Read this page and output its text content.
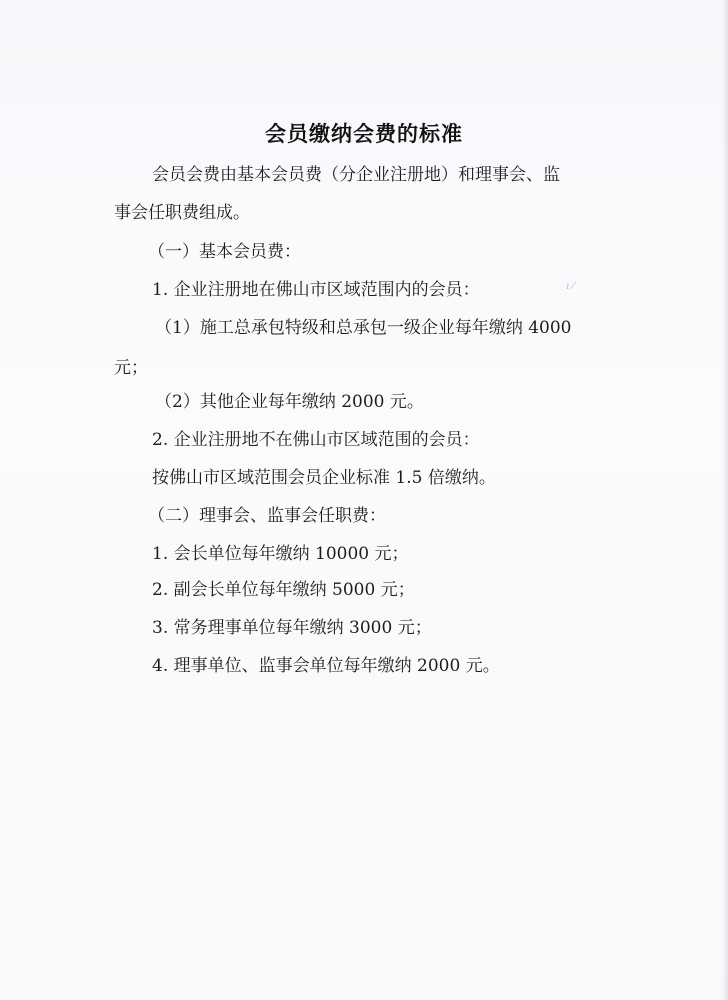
会员缴纳会费的标准

会员会费由基本会员费（分企业注册地）和理事会、监

事会任职费组成。

（一）基本会员费：

1. 企业注册地在佛山市区域范围内的会员：

（1）施工总承包特级和总承包一级企业每年缴纳 4000

元；

（2）其他企业每年缴纳 2000 元。

2. 企业注册地不在佛山市区域范围的会员：

按佛山市区域范围会员企业标准 1.5 倍缴纳。

（二）理事会、监事会任职费：

1. 会长单位每年缴纳 10000 元；

2. 副会长单位每年缴纳 5000 元；

3. 常务理事单位每年缴纳 3000 元；

4. 理事单位、监事会单位每年缴纳 2000 元。

ı ⁄
